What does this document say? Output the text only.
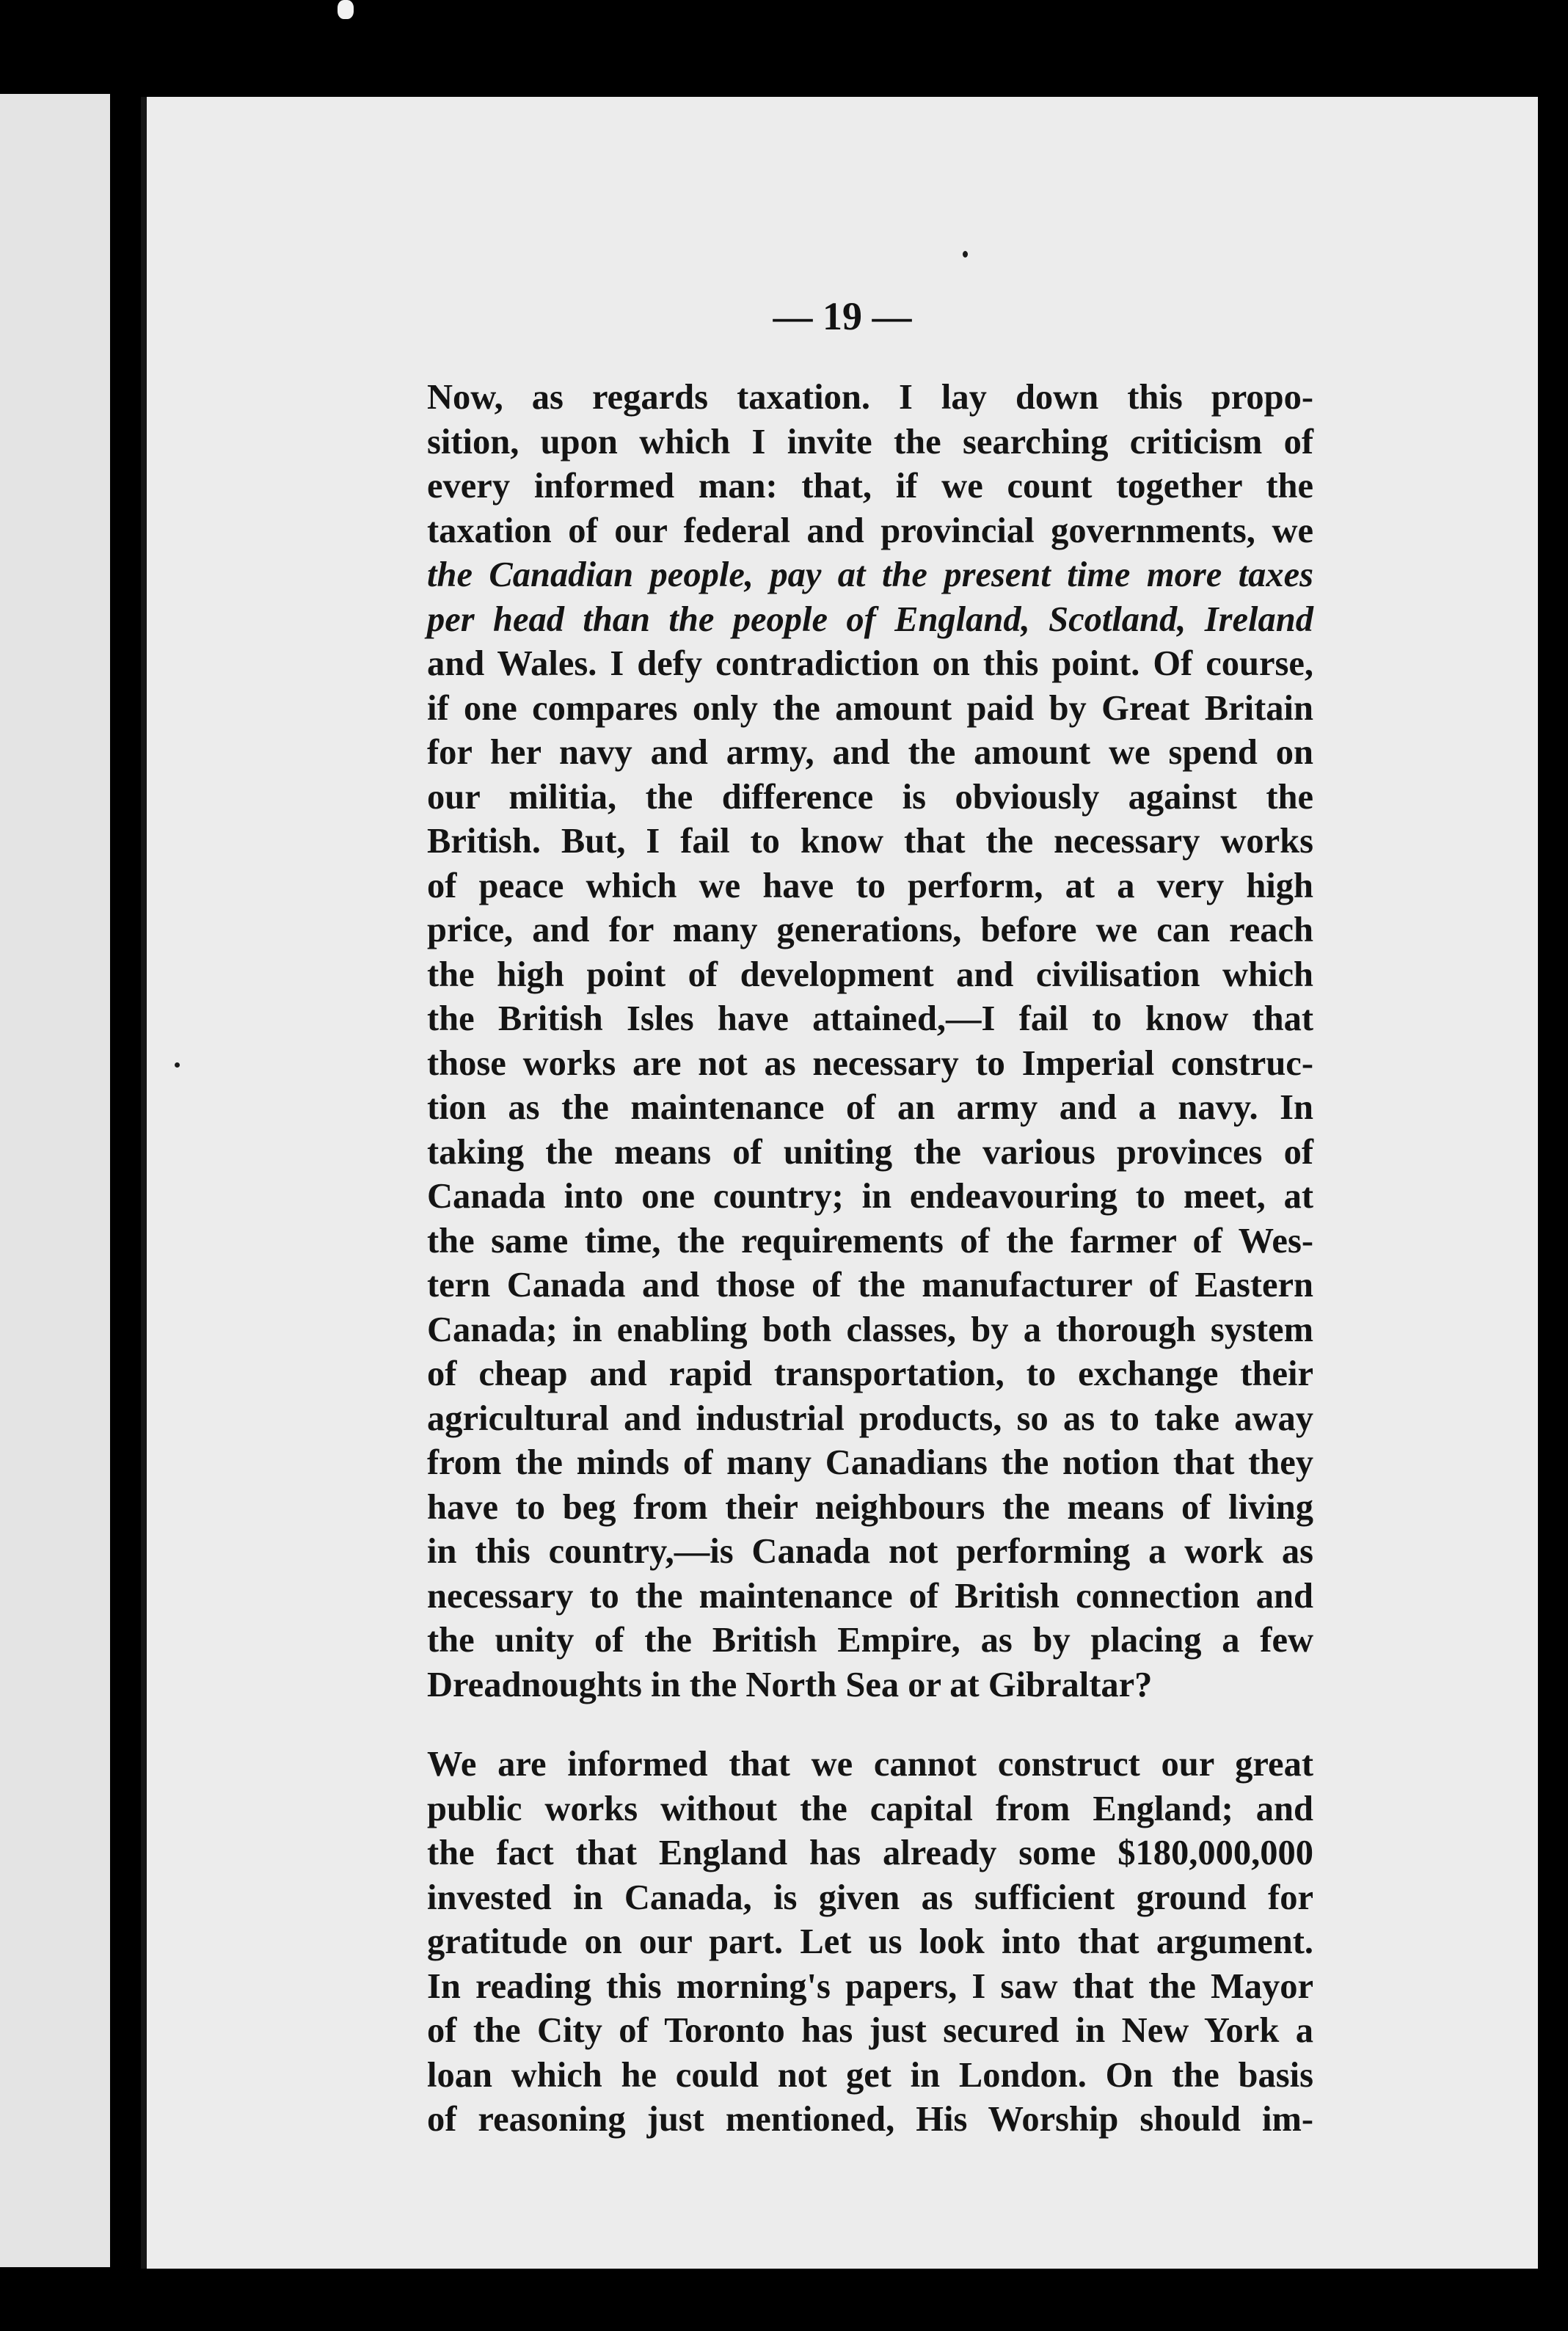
— 19 —

Now, as regards taxation. I lay down this propo-
sition, upon which I invite the searching criticism of
every informed man: that, if we count together the
taxation of our federal and provincial governments, we
the Canadian people, pay at the present time more taxes
per head than the people of England, Scotland, Ireland
and Wales. I defy contradiction on this point. Of course,
if one compares only the amount paid by Great Britain
for her navy and army, and the amount we spend on
our militia, the difference is obviously against the
British. But, I fail to know that the necessary works
of peace which we have to perform, at a very high
price, and for many generations, before we can reach
the high point of development and civilisation which
the British Isles have attained,—I fail to know that
those works are not as necessary to Imperial construc-
tion as the maintenance of an army and a navy. In
taking the means of uniting the various provinces of
Canada into one country; in endeavouring to meet, at
the same time, the requirements of the farmer of Wes-
tern Canada and those of the manufacturer of Eastern
Canada; in enabling both classes, by a thorough system
of cheap and rapid transportation, to exchange their
agricultural and industrial products, so as to take away
from the minds of many Canadians the notion that they
have to beg from their neighbours the means of living
in this country,—is Canada not performing a work as
necessary to the maintenance of British connection and
the unity of the British Empire, as by placing a few
Dreadnoughts in the North Sea or at Gibraltar?

We are informed that we cannot construct our great
public works without the capital from England; and
the fact that England has already some $180,000,000
invested in Canada, is given as sufficient ground for
gratitude on our part. Let us look into that argument.
In reading this morning's papers, I saw that the Mayor
of the City of Toronto has just secured in New York a
loan which he could not get in London. On the basis
of reasoning just mentioned, His Worship should im-
